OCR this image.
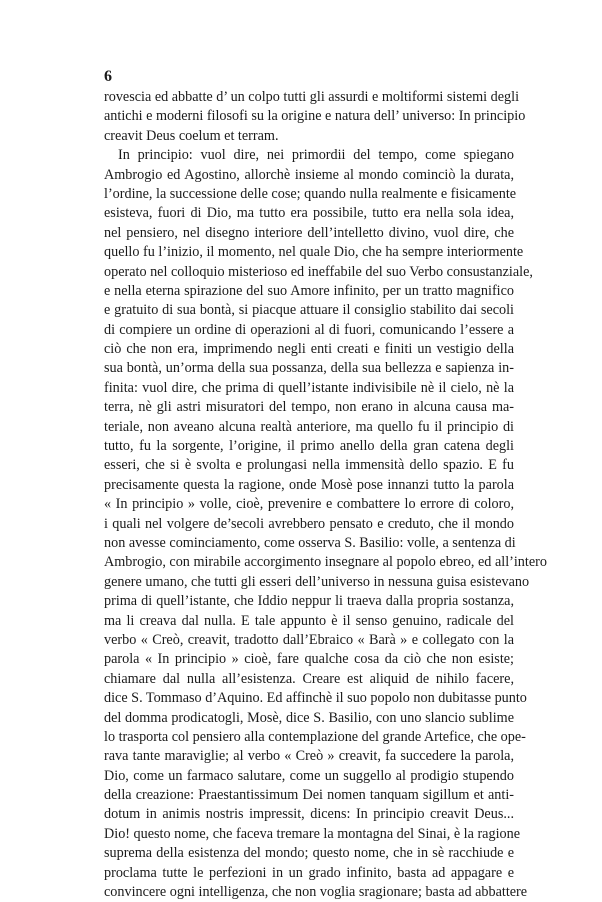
6
rovescia ed abbatte d’ un colpo tutti gli assurdi e moltiformi sistemi degli
antichi e moderni filosofi su la origine e natura dell’ universo: In principio
creavit Deus coelum et terram.
In principio: vuol dire, nei primordii del tempo, come spiegano
Ambrogio ed Agostino, allorchè insieme al mondo cominciò la durata,
l’ordine, la successione delle cose; quando nulla realmente e fisicamente
esisteva, fuori di Dio, ma tutto era possibile, tutto era nella sola idea,
nel pensiero, nel disegno interiore dell’intelletto divino, vuol dire, che
quello fu l’inizio, il momento, nel quale Dio, che ha sempre interiormente
operato nel colloquio misterioso ed ineffabile del suo Verbo consustanziale,
e nella eterna spirazione del suo Amore infinito, per un tratto magnifico
e gratuito di sua bontà, si piacque attuare il consiglio stabilito dai secoli
di compiere un ordine di operazioni al di fuori, comunicando l’essere a
ciò che non era, imprimendo negli enti creati e finiti un vestigio della
sua bontà, un’orma della sua possanza, della sua bellezza e sapienza in-
finita: vuol dire, che prima di quell’istante indivisibile nè il cielo, nè la
terra, nè gli astri misuratori del tempo, non erano in alcuna causa ma-
teriale, non aveano alcuna realtà anteriore, ma quello fu il principio di
tutto, fu la sorgente, l’origine, il primo anello della gran catena degli
esseri, che si è svolta e prolungasi nella immensità dello spazio. E fu
precisamente questa la ragione, onde Mosè pose innanzi tutto la parola
« In principio » volle, cioè, prevenire e combattere lo errore di coloro,
i quali nel volgere de’secoli avrebbero pensato e creduto, che il mondo
non avesse cominciamento, come osserva S. Basilio: volle, a sentenza di
Ambrogio, con mirabile accorgimento insegnare al popolo ebreo, ed all’intero
genere umano, che tutti gli esseri dell’universo in nessuna guisa esistevano
prima di quell’istante, che Iddio neppur li traeva dalla propria sostanza,
ma li creava dal nulla. E tale appunto è il senso genuino, radicale del
verbo « Creò, creavit, tradotto dall’Ebraico « Barà » e collegato con la
parola « In principio » cioè, fare qualche cosa da ciò che non esiste;
chiamare dal nulla all’esistenza. Creare est aliquid de nihilo facere,
dice S. Tommaso d’Aquino. Ed affinchè il suo popolo non dubitasse punto
del domma prodicatogli, Mosè, dice S. Basilio, con uno slancio sublime
lo trasporta col pensiero alla contemplazione del grande Artefice, che ope-
rava tante maraviglie; al verbo « Creò » creavit, fa succedere la parola,
Dio, come un farmaco salutare, come un suggello al prodigio stupendo
della creazione: Praestantissimum Dei nomen tanquam sigillum et anti-
dotum in animis nostris impressit, dicens: In principio creavit Deus...
Dio! questo nome, che faceva tremare la montagna del Sinai, è la ragione
suprema della esistenza del mondo; questo nome, che in sè racchiude e
proclama tutte le perfezioni in un grado infinito, basta ad appagare e
convincere ogni intelligenza, che non voglia sragionare; basta ad abbattere
